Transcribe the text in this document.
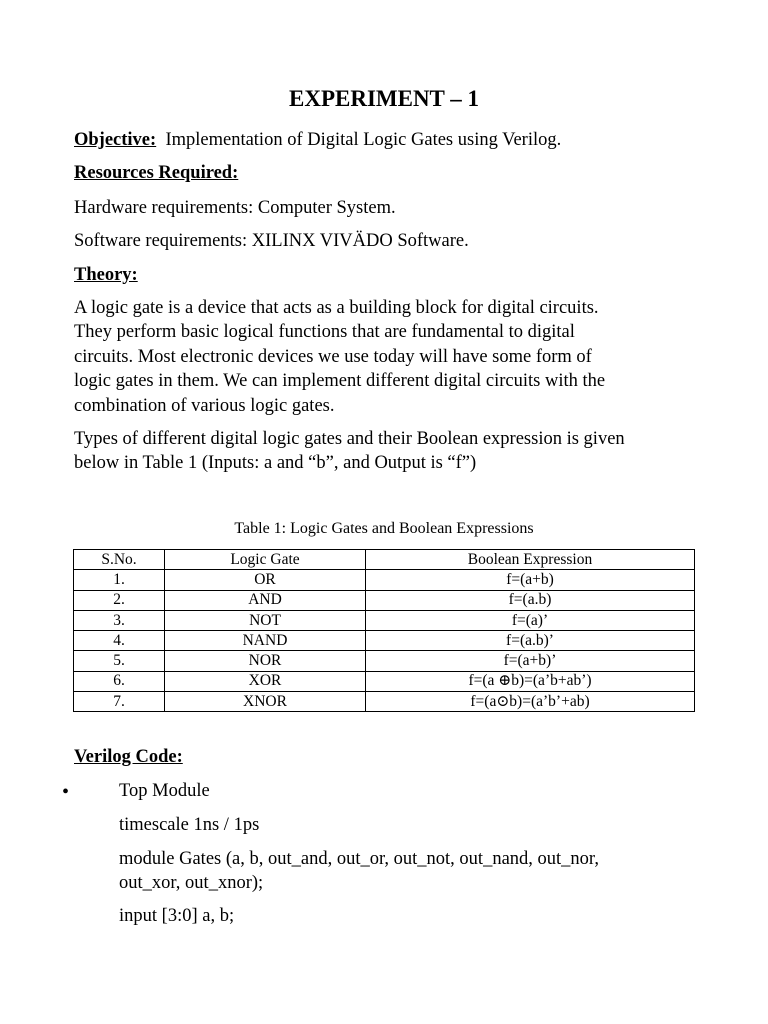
EXPERIMENT – 1
Objective: Implementation of Digital Logic Gates using Verilog.
Resources Required:
Hardware requirements: Computer System.
Software requirements: XILINX VIVÄDO Software.
Theory:
A logic gate is a device that acts as a building block for digital circuits.
They perform basic logical functions that are fundamental to digital
circuits. Most electronic devices we use today will have some form of
logic gates in them. We can implement different digital circuits with the
combination of various logic gates.
Types of different digital logic gates and their Boolean expression is given
below in Table 1 (Inputs: a and “b”, and Output is “f”)
Table 1: Logic Gates and Boolean Expressions
S.No.	Logic Gate	Boolean Expression
1.	OR	f=(a+b)
2.	AND	f=(a.b)
3.	NOT	f=(a)’
4.	NAND	f=(a.b)’
5.	NOR	f=(a+b)’
6.	XOR	f=(a ⊕b)=(a’b+ab’)
7.	XNOR	f=(a⊙b)=(a’b’+ab)
Verilog Code:
•	Top Module
timescale 1ns / 1ps
module Gates (a, b, out_and, out_or, out_not, out_nand, out_nor,
out_xor, out_xnor);
input [3:0] a, b;
